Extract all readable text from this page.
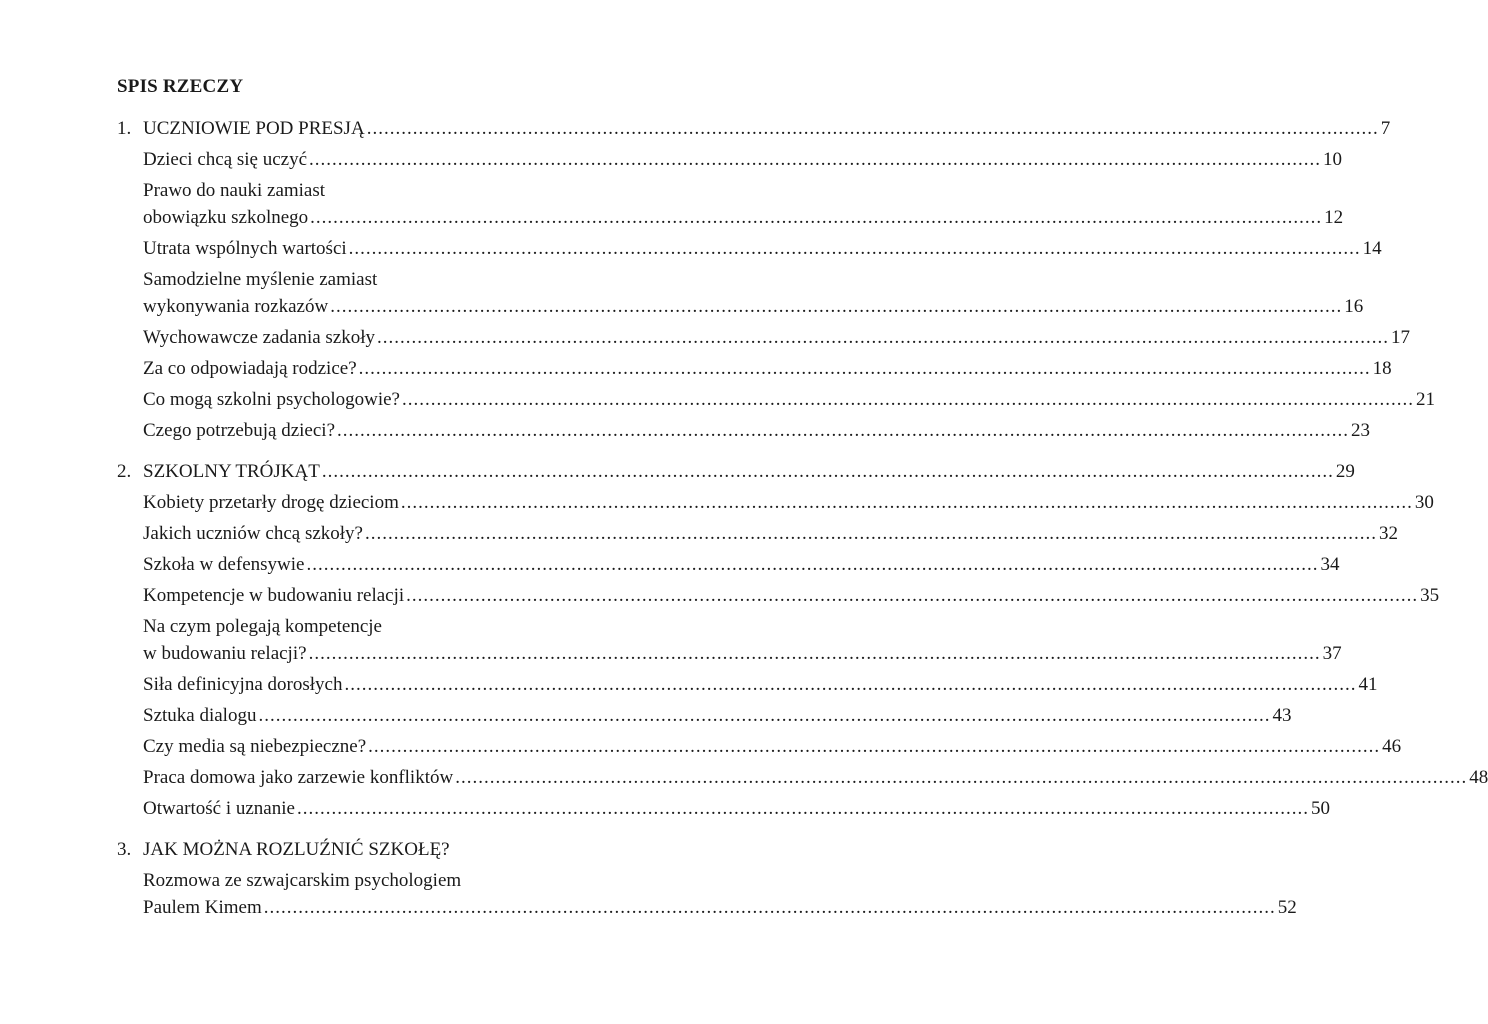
SPIS RZECZY
1. UCZNIOWIE POD PRESJĄ .....	7
Dzieci chcą się uczyć .....	10
Prawo do nauki zamiast
obowiązku szkolnego .....	12
Utrata wspólnych wartości .....	14
Samodzielne myślenie zamiast
wykonywania rozkazów .....	16
Wychowawcze zadania szkoły .....	17
Za co odpowiadają rodzice? .....	18
Co mogą szkolni psychologowie? .....	21
Czego potrzebują dzieci? .....	23
2. SZKOLNY TRÓJKĄT .....	29
Kobiety przetarły drogę dzieciom .....	30
Jakich uczniów chcą szkoły? .....	32
Szkoła w defensywie .....	34
Kompetencje w budowaniu relacji .....	35
Na czym polegają kompetencje
w budowaniu relacji? .....	37
Siła definicyjna dorosłych .....	41
Sztuka dialogu .....	43
Czy media są niebezpieczne? .....	46
Praca domowa jako zarzewie konfliktów .....	48
Otwartość i uznanie .....	50
3. JAK MOŻNA ROZLUŹNIĆ SZKOŁĘ?
Rozmowa ze szwajcarskim psychologiem
Paulem Kimem .....	52
